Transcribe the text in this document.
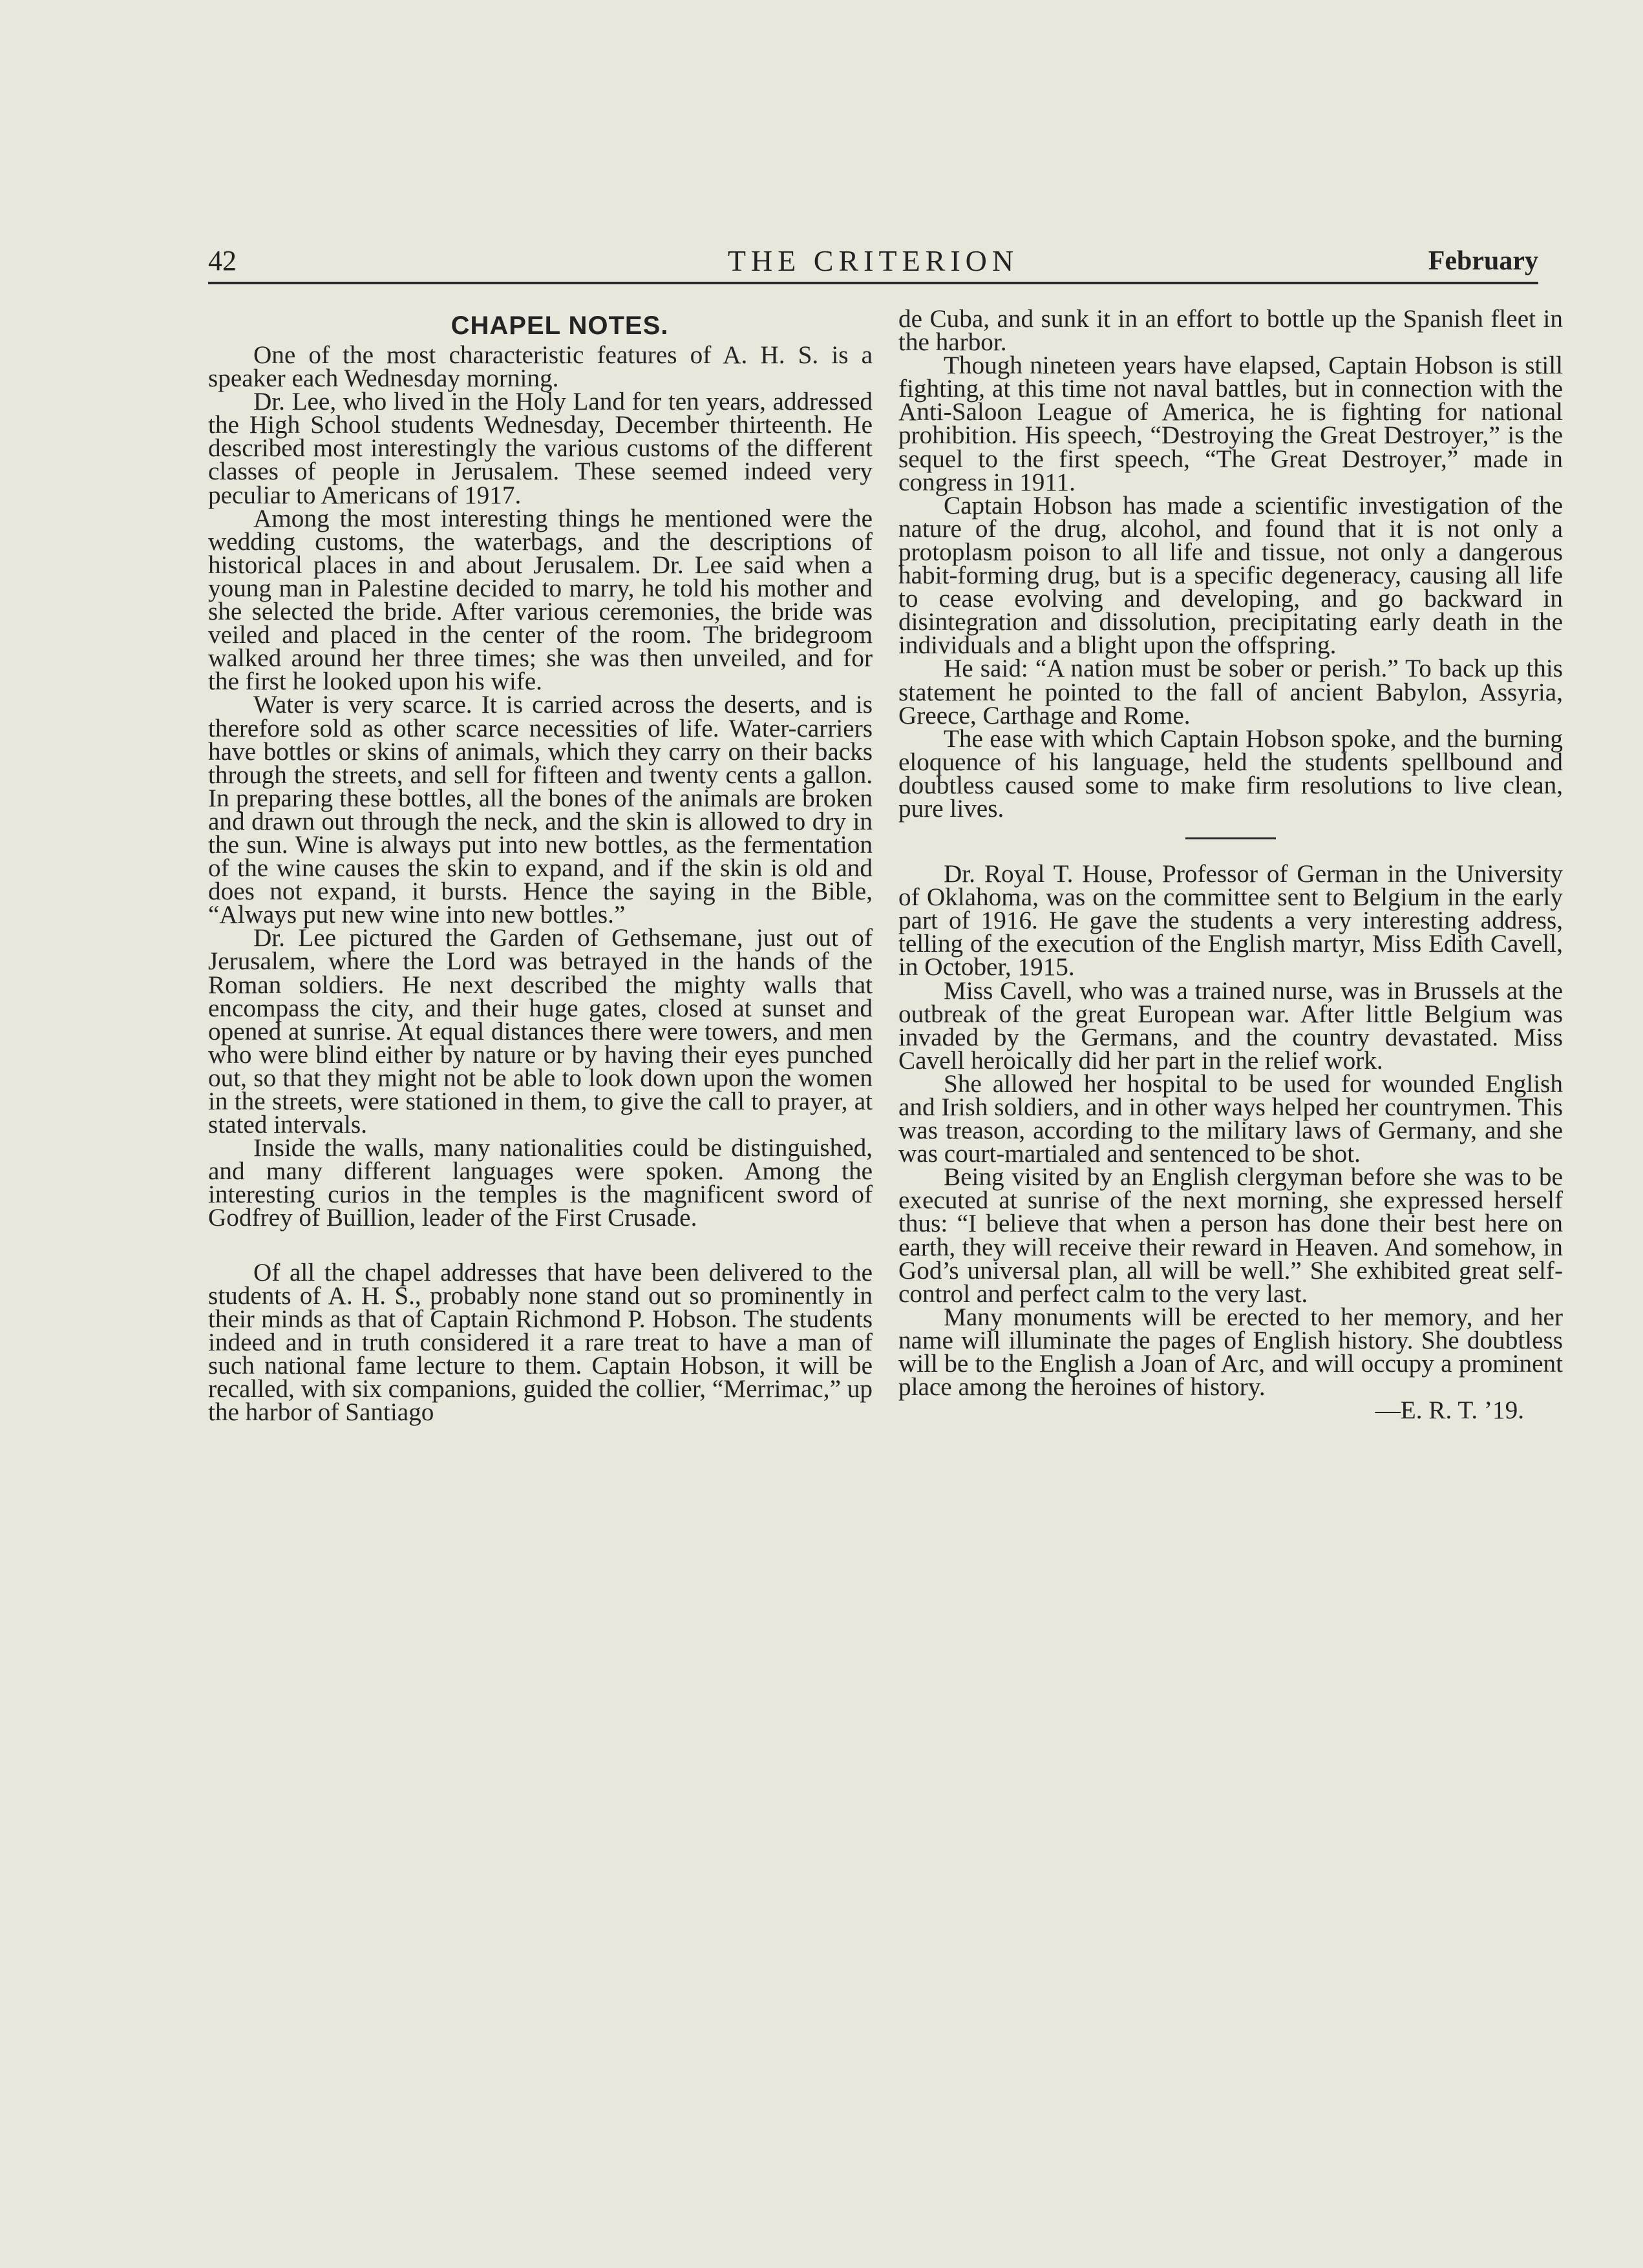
42	THE CRITERION	February
CHAPEL NOTES.

One of the most characteristic features of A. H. S. is a speaker each Wednesday morning.

Dr. Lee, who lived in the Holy Land for ten years, addressed the High School students Wednesday, December thirteenth. He described most interestingly the various customs of the different classes of people in Jerusalem. These seemed indeed very peculiar to Americans of 1917.

Among the most interesting things he mentioned were the wedding customs, the waterbags, and the descriptions of historical places in and about Jerusalem. Dr. Lee said when a young man in Palestine decided to marry, he told his mother and she selected the bride. After various ceremonies, the bride was veiled and placed in the center of the room. The bridegroom walked around her three times; she was then unveiled, and for the first he looked upon his wife.

Water is very scarce. It is carried across the deserts, and is therefore sold as other scarce necessities of life. Water-carriers have bottles or skins of animals, which they carry on their backs through the streets, and sell for fifteen and twenty cents a gallon. In preparing these bottles, all the bones of the animals are broken and drawn out through the neck, and the skin is allowed to dry in the sun. Wine is always put into new bottles, as the fermentation of the wine causes the skin to expand, and if the skin is old and does not expand, it bursts. Hence the saying in the Bible, “Always put new wine into new bottles.”

Dr. Lee pictured the Garden of Gethsemane, just out of Jerusalem, where the Lord was betrayed in the hands of the Roman soldiers. He next described the mighty walls that encompass the city, and their huge gates, closed at sunset and opened at sunrise. At equal distances there were towers, and men who were blind either by nature or by having their eyes punched out, so that they might not be able to look down upon the women in the streets, were stationed in them, to give the call to prayer, at stated intervals.

Inside the walls, many nationalities could be distinguished, and many different languages were spoken. Among the interesting curios in the temples is the magnificent sword of Godfrey of Buillion, leader of the First Crusade.

Of all the chapel addresses that have been delivered to the students of A. H. S., probably none stand out so prominently in their minds as that of Captain Richmond P. Hobson. The students indeed and in truth considered it a rare treat to have a man of such national fame lecture to them. Captain Hobson, it will be recalled, with six companions, guided the collier, “Merrimac,” up the harbor of Santiago

de Cuba, and sunk it in an effort to bottle up the Spanish fleet in the harbor.

Though nineteen years have elapsed, Captain Hobson is still fighting, at this time not naval battles, but in connection with the Anti-Saloon League of America, he is fighting for national prohibition. His speech, “Destroying the Great Destroyer,” is the sequel to the first speech, “The Great Destroyer,” made in congress in 1911.

Captain Hobson has made a scientific investigation of the nature of the drug, alcohol, and found that it is not only a protoplasm poison to all life and tissue, not only a dangerous habit-forming drug, but is a specific degeneracy, causing all life to cease evolving and developing, and go backward in disintegration and dissolution, precipitating early death in the individuals and a blight upon the offspring.

He said: “A nation must be sober or perish.” To back up this statement he pointed to the fall of ancient Babylon, Assyria, Greece, Carthage and Rome.

The ease with which Captain Hobson spoke, and the burning eloquence of his language, held the students spellbound and doubtless caused some to make firm resolutions to live clean, pure lives.

Dr. Royal T. House, Professor of German in the University of Oklahoma, was on the committee sent to Belgium in the early part of 1916. He gave the students a very interesting address, telling of the execution of the English martyr, Miss Edith Cavell, in October, 1915.

Miss Cavell, who was a trained nurse, was in Brussels at the outbreak of the great European war. After little Belgium was invaded by the Germans, and the country devastated. Miss Cavell heroically did her part in the relief work.

She allowed her hospital to be used for wounded English and Irish soldiers, and in other ways helped her countrymen. This was treason, according to the military laws of Germany, and she was court-martialed and sentenced to be shot.

Being visited by an English clergyman before she was to be executed at sunrise of the next morning, she expressed herself thus: “I believe that when a person has done their best here on earth, they will receive their reward in Heaven. And somehow, in God’s universal plan, all will be well.” She exhibited great self-control and perfect calm to the very last.

Many monuments will be erected to her memory, and her name will illuminate the pages of English history. She doubtless will be to the English a Joan of Arc, and will occupy a prominent place among the heroines of history.

—E. R. T. ’19.
